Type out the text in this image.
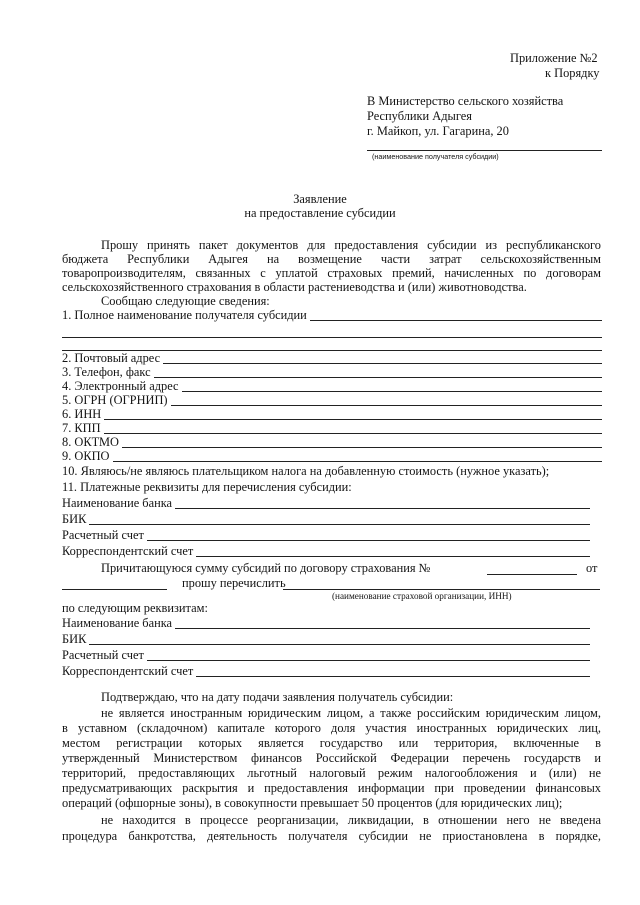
Приложение №2
к Порядку
В Министерство сельского хозяйства
Республики Адыгея
г. Майкоп, ул. Гагарина, 20
(наименование получателя субсидии)
Заявление
на предоставление субсидии
Прошу принять пакет документов для предоставления субсидии из республиканского
бюджета Республики Адыгея на возмещение части затрат сельскохозяйственным
товаропроизводителям, связанных с уплатой страховых премий, начисленных по договорам
сельскохозяйственного страхования в области растениеводства и (или) животноводства.
Сообщаю следующие сведения:
1. Полное наименование получателя субсидии
2. Почтовый адрес
3. Телефон, факс
4. Электронный адрес
5. ОГРН (ОГРНИП)
6. ИНН
7. КПП
8. ОКТМО
9. ОКПО
10. Являюсь/не являюсь плательщиком налога на добавленную стоимость (нужное указать);
11. Платежные реквизиты для перечисления субсидии:
Наименование банка
БИК
Расчетный счет
Корреспондентский счет
Причитающуюся сумму субсидий по договору страхования №	от
прошу перечислить
(наименование страховой организации, ИНН)
по следующим реквизитам:
Наименование банка
БИК
Расчетный счет
Корреспондентский счет
Подтверждаю, что на дату подачи заявления получатель субсидии:
не является иностранным юридическим лицом, а также российским юридическим лицом,
в уставном (складочном) капитале которого доля участия иностранных юридических лиц,
местом регистрации которых является государство или территория, включенные в
утвержденный Министерством финансов Российской Федерации перечень государств и
территорий, предоставляющих льготный налоговый режим налогообложения и (или) не
предусматривающих раскрытия и предоставления информации при проведении финансовых
операций (офшорные зоны), в совокупности превышает 50 процентов (для юридических лиц);
не находится в процессе реорганизации, ликвидации, в отношении него не введена
процедура банкротства, деятельность получателя субсидии не приостановлена в порядке,
